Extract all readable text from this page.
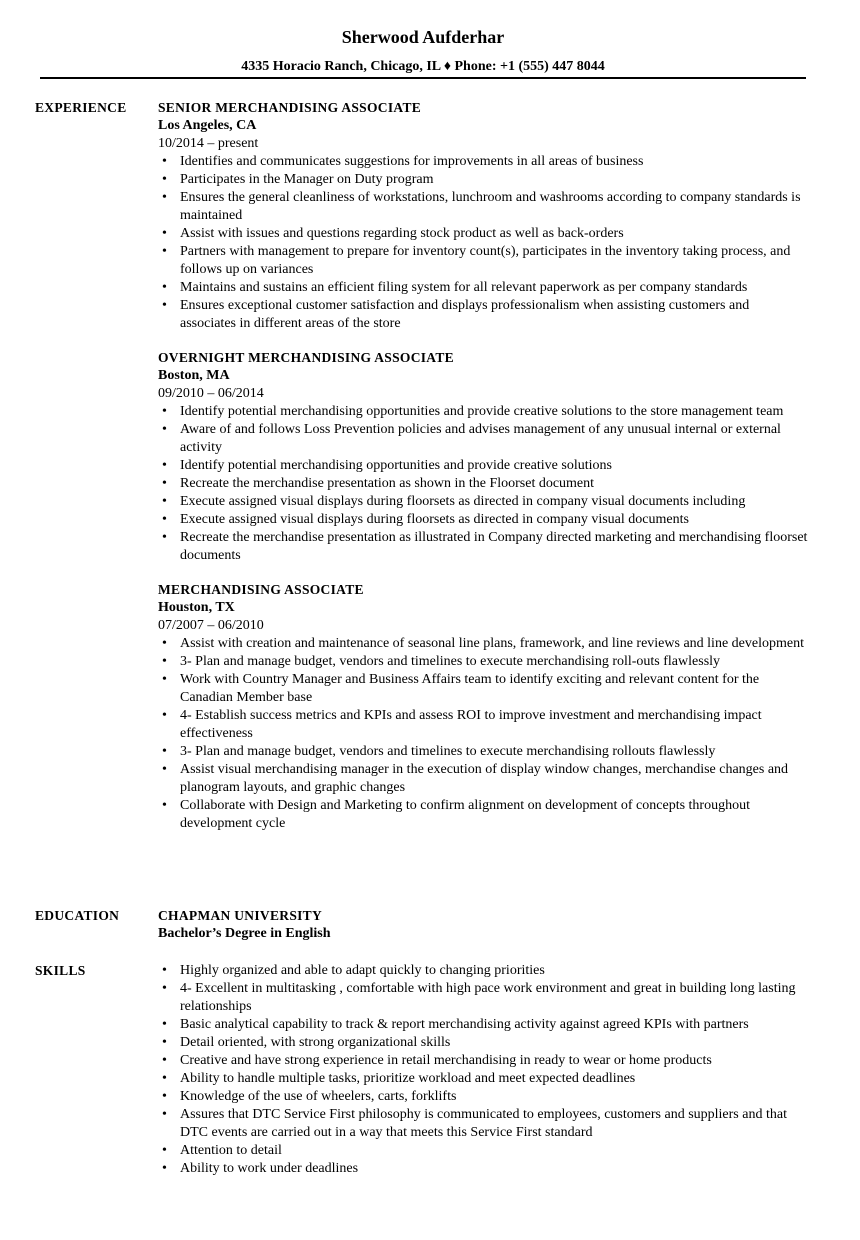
Sherwood Aufderhar
4335 Horacio Ranch, Chicago, IL ♦ Phone: +1 (555) 447 8044
EXPERIENCE SENIOR MERCHANDISING ASSOCIATE
Los Angeles, CA
10/2014 – present
• Identifies and communicates suggestions for improvements in all areas of business
• Participates in the Manager on Duty program
• Ensures the general cleanliness of workstations, lunchroom and washrooms according to company standards is maintained
• Assist with issues and questions regarding stock product as well as back-orders
• Partners with management to prepare for inventory count(s), participates in the inventory taking process, and follows up on variances
• Maintains and sustains an efficient filing system for all relevant paperwork as per company standards
• Ensures exceptional customer satisfaction and displays professionalism when assisting customers and associates in different areas of the store
OVERNIGHT MERCHANDISING ASSOCIATE
Boston, MA
09/2010 – 06/2014
• Identify potential merchandising opportunities and provide creative solutions to the store management team
• Aware of and follows Loss Prevention policies and advises management of any unusual internal or external activity
• Identify potential merchandising opportunities and provide creative solutions
• Recreate the merchandise presentation as shown in the Floorset document
• Execute assigned visual displays during floorsets as directed in company visual documents including
• Execute assigned visual displays during floorsets as directed in company visual documents
• Recreate the merchandise presentation as illustrated in Company directed marketing and merchandising floorset documents
MERCHANDISING ASSOCIATE
Houston, TX
07/2007 – 06/2010
• Assist with creation and maintenance of seasonal line plans, framework, and line reviews and line development
• 3- Plan and manage budget, vendors and timelines to execute merchandising roll-outs flawlessly
• Work with Country Manager and Business Affairs team to identify exciting and relevant content for the Canadian Member base
• 4- Establish success metrics and KPIs and assess ROI to improve investment and merchandising impact effectiveness
• 3- Plan and manage budget, vendors and timelines to execute merchandising rollouts flawlessly
• Assist visual merchandising manager in the execution of display window changes, merchandise changes and planogram layouts, and graphic changes
• Collaborate with Design and Marketing to confirm alignment on development of concepts throughout development cycle
EDUCATION	CHAPMAN UNIVERSITY
Bachelor’s Degree in English
SKILLS	• Highly organized and able to adapt quickly to changing priorities
• 4- Excellent in multitasking , comfortable with high pace work environment and great in building long lasting relationships
• Basic analytical capability to track & report merchandising activity against agreed KPIs with partners
• Detail oriented, with strong organizational skills
• Creative and have strong experience in retail merchandising in ready to wear or home products
• Ability to handle multiple tasks, prioritize workload and meet expected deadlines
• Knowledge of the use of wheelers, carts, forklifts
• Assures that DTC Service First philosophy is communicated to employees, customers and suppliers and that DTC events are carried out in a way that meets this Service First standard
• Attention to detail
• Ability to work under deadlines
